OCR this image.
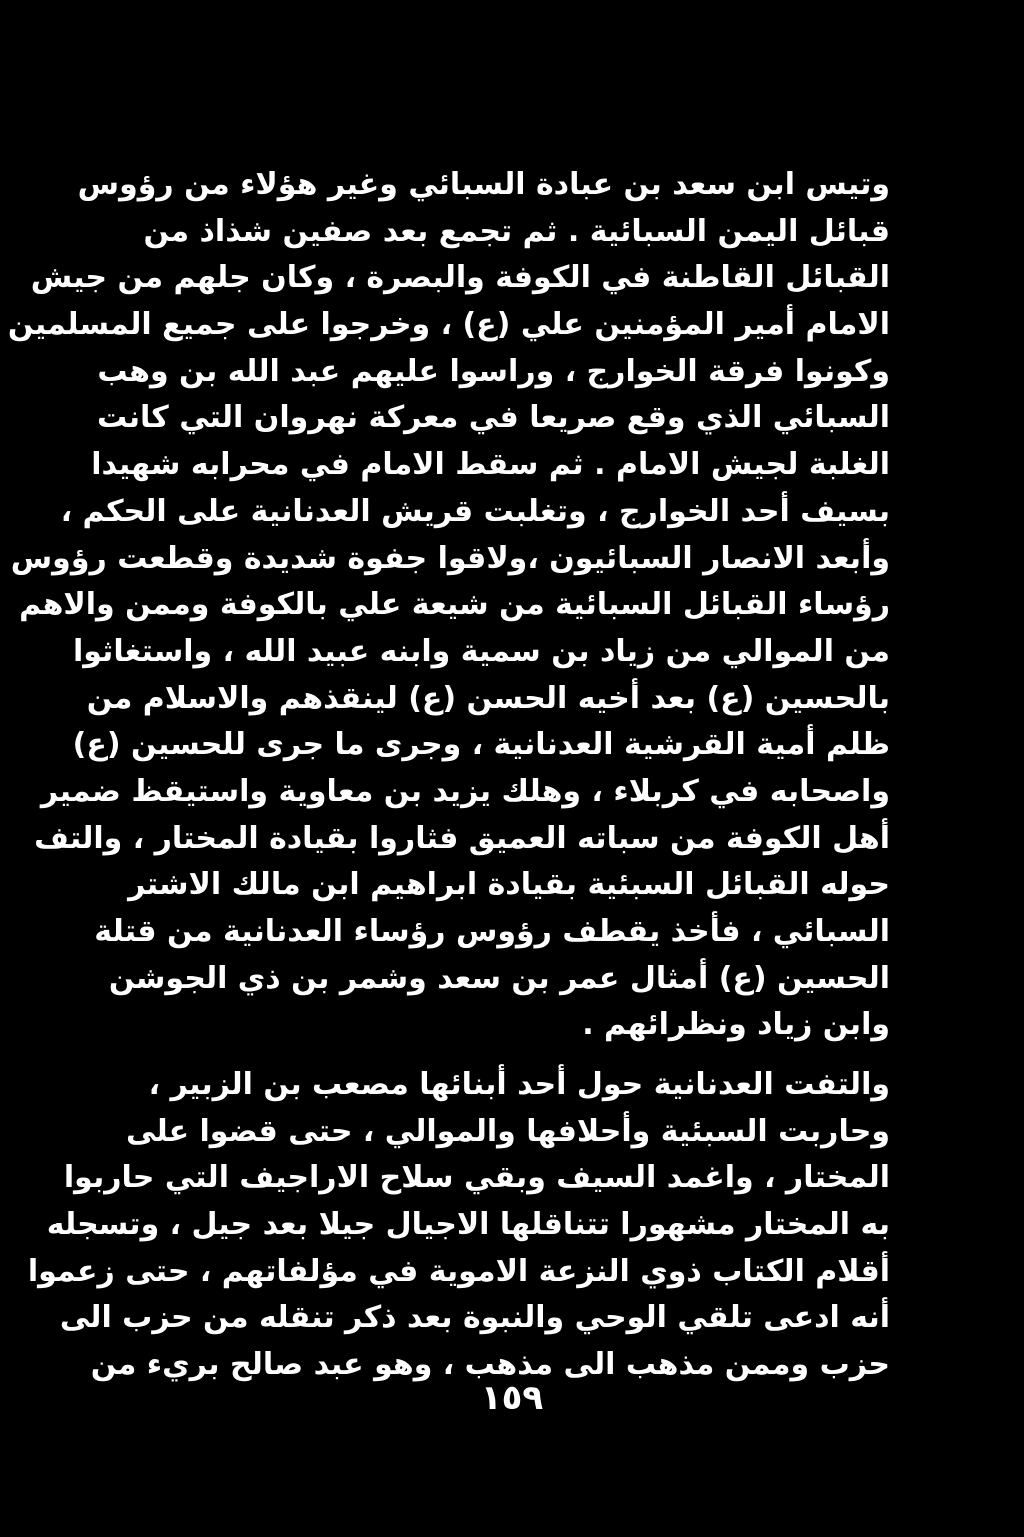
وتيس ابن سعد بن عبادة السبائي وغير هؤلاء من رؤوس
قبائل اليمن السبائية . ثم تجمع بعد صفين شذاذ من
القبائل القاطنة في الكوفة والبصرة ، وكان جلهم من جيش
الامام أمير المؤمنين علي (ع) ، وخرجوا على جميع المسلمين
وكونوا فرقة الخوارج ، وراسوا عليهم عبد الله بن وهب
السبائي الذي وقع صريعا في معركة نهروان التي كانت
الغلبة لجيش الامام . ثم سقط الامام في محرابه شهيدا
بسيف أحد الخوارج ، وتغلبت قريش العدنانية على الحكم ،
وأبعد الانصار السبائيون ،ولاقوا جفوة شديدة وقطعت رؤوس
رؤساء القبائل السبائية من شيعة علي بالكوفة وممن والاهم
من الموالي من زياد بن سمية وابنه عبيد الله ، واستغاثوا
بالحسين (ع) بعد أخيه الحسن (ع) لينقذهم والاسلام من
ظلم أمية القرشية العدنانية ، وجرى ما جرى للحسين (ع)
واصحابه في كربلاء ، وهلك يزيد بن معاوية واستيقظ ضمير
أهل الكوفة من سباته العميق فثاروا بقيادة المختار ، والتف
حوله القبائل السبئية بقيادة ابراهيم ابن مالك الاشتر
السبائي ، فأخذ يقطف رؤوس رؤساء العدنانية من قتلة
الحسين (ع) أمثال عمر بن سعد وشمر بن ذي الجوشن
وابن زياد ونظرائهم .
والتفت العدنانية حول أحد أبنائها مصعب بن الزبير ،
وحاربت السبئية وأحلافها والموالي ، حتى قضوا على
المختار ، واغمد السيف وبقي سلاح الاراجيف التي حاربوا
به المختار مشهورا تتناقلها الاجيال جيلا بعد جيل ، وتسجله
أقلام الكتاب ذوي النزعة الاموية في مؤلفاتهم ، حتى زعموا
أنه ادعى تلقي الوحي والنبوة بعد ذكر تنقله من حزب الى
حزب وممن مذهب الى مذهب ، وهو عبد صالح بريء من
١٥٩
